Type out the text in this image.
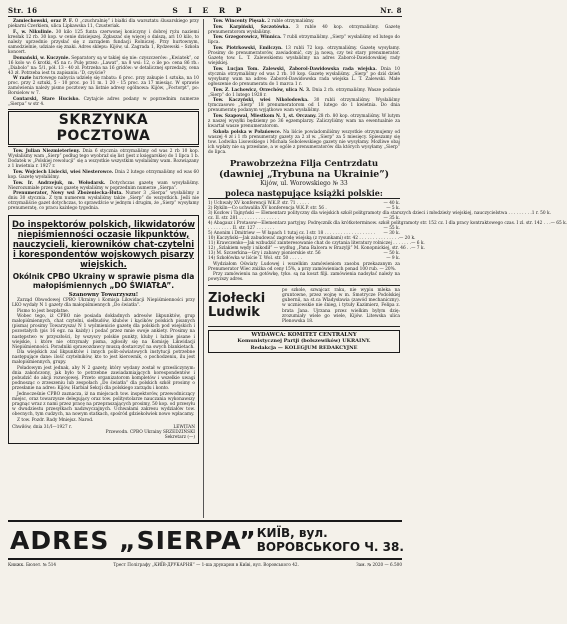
Str. 16	S I E R P	Nr. 8
Zamiechowski, oraz P. F. O „czuchralnię” i białki dla warsztatu ślusarskiego przy piekarni Czerkiem, ulica Lipkawska 11, Czusteriak.
F., w. Nikulinie. 30 kilo 125 funta czerwonej koniczyny i dobrej ryżu naziemi kresłak 12 rb. 30 kop. w cenie dzisiejszej. Zgłaszać się więcej o dalszą, ari 10 kilo, to należy uprzednio przysłać się z zarządem fundacji Rolniczej. Przy hurtownym, samodzielnie, udziale się znaki. Adres sklepu: Kijów, ul. Zagrada 1, Rydzewski – Szkoła koncert.
Domański, w. Kuczynie. Separatory są w takiej się nie: czyszczerów: „Kwiatek”, oz 16 kolo w: 6 krotki, 45 na r.: Pulę przez: „Lawat”, na 8 wsi: 12, o ile po: cena 86 rb.: „Diabolo” na: 5/1, pół. 13 - 40 zł. Potrzeba na 16 gridów: w detalicznej sprzedaży, cena 43 zł. Potrzeba iest tu zapisaniu: 'D, czyście?
W razie hurtowego nabycia udzielę się rabatu: 6 proc. przy zakupie 1 sztuka, na 10 proc. przy 2 sztuki, 5 - 10 proc. po 11 m. 1 20 - 15 proc. za 17 miesiąc. W sprawie zamówienia należy pismo pocztowy na listnie adresy ogólnowa: Kijów, „Foctorpt”, po: Borsielow w 7.
Contarski, Stare Hucisko. Czytajcie adres podany w poprzednim numerze „Sierpa” w str 4.
SKRZYNKA POCZTOWA
Tow. Julian Niezmieterieny. Dnia 6 stycznia otrzymaliśmy od was 2 rb 10 kop. Wysłaliśmy wam „Sierp” podług tego wyobraź się list (jest z księgarskie) do 1 lipca 1 b. Dodatek w „Polskiej rewolucji” się a wszystkie wszystkim wysłaliśmy wam. Rozwiązany z 1 kwietnia r. 1927 r.
Tow. Wojciech Lisiecki, wieś Niesterowce. Dnia 2 lutego otrzymaliśmy od was 60 kop. Gazetę wysłaliśmy.
Tow. Ir. Andrzejuk, m. Wołodarsk. Dotychczas gazetę wam wysyłaliśmy. Niezrozumiałe przez was gazetę wysłaliśmy w poprzednim numerze „Sierpa”.
Prenumerator, Nowy wsi Zbożeniecka-Huta. Numer 3 „Sierpa” wysłaliśmy z dniu 30 stycznia. Z tym numerem wysłaliśmy także „Sierp” do wszystkich. Jeśli nie otrzymaliście gazet dotychczas, to sprawdźcie w jednym i drugim, że „Sierp” wysyłamy prenumeratę, co pracu każdego tygodnia.
Do inspektorów polskich, likwidatorów niepiśmienności oczasie likpunktów, nauczycieli, kierowników chat-czytelni i korespondentów wojskowych pisarzy wiejskich.
Okólnik CPBO Ukrainy w sprawie pisma dla małopiśmiennych „DO ŚWIATŁA”.
Szanowny Towarzyszu!
Zarząd Obwodowej CPBO Ukrainy i Komisja Likwidacji Niepiśmienności przy LKO wydały N 1 gazety dla małopiśmiennych „Do światła”.
Pismo to jest bezpłatne.
Wobec tego, iż CPBO nie posiada dokładnych adresów likpunktów, grup małopiśmiennych, chat czytelni, siełbudów, klubów i kącików polskich pisanych (pisma) prosimy Towarzysza/ N 1 wyśmienicie gazetę dla polskich pod wiejskich i pozostałych (pis 16 egz. na każdy) i podać przez mnie swoje ankiety. Prosimy na następstwo w przyszłości, by wszyscy polskie punkty, kluby i łaźnie pisane i wiejskie, i które nie otrzymały pisma, zgłosiły się na Komisję Likwidacji Niepiśmienności. Poradniki sprawozdawcy muszą dostarczyć na swych blankietach.
Dla wiejskich zaś likpunktów i innych polit-oświatowych instytucji potrzebne następujące dane: ilość czytelników, kto to jest kierownik, o pochodzeniu, ilu jest małopiśmiennych, grupy.
Poładowym jest jednak, aby N 2 gazety, który wydany został w grzesliczynym: dnia zakończony, jak było to potrzebne zawiadamiających korespondentów i pobudzić do akcji rozwojowej. Przeto organizatorom kompletów i wszelkie uwagi podnosząc o zrzeszeniu lub zespołach „Do światła” dla polskich szkół prosimy o przesłanie na adres: Kijów, Harbiał Sekcji dla polskiego zarządu i konto.
Jednocześnie CPBO zaznacza, iż na miejscach tow. inspektorów, przewodniczący miejsc, oraz towarzysze delegujący oraz tow. politystolarze nauczania wykonawszy pragnąc wraz z nami przez pracę na przepraszających prosimy, 50 kop. od przesyłu w dwudziestu przesyłkach nadzwyczajnych. Uchwałami zakresu wydziałów tow. obecnych, tym cudzych, na nowym statkach, spośród gdziekolwiek nowo wpłacamy.
Z tow. Pozdr. Rady Mniejsz. Narod.
Chwiłów, dnia 31/I—1927 r.	LEWITAN
Przewodn. CPBO Ukrainy SRZEDZIŃSKI
Sekretarz (—)
Tow. Wincenty Pięsak. 2 ruble otrzymaliśmy.
Tow. Karpiński, Szczotówka. 3 ruble 40 kop. otrzymaliśmy. Gazetę prenumeratorom wysłaliśmy.
Tow. Grzegorowicz, Winnica. 7 rubli otrzymaliśmy. „Sierp” wysłaliśmy od lutego do lipca.
Tow. Piotrkowski, Emilczyn. 13 rubli 72 kop. otrzymaliśmy. Gazetę wysyłamy. Prosimy do prenumeratorów, zawiadomić, czy ją nową, czy też stary prenumerator. Gazetę tow. L. T. Zalewskiemu wysłaliśmy na adres Zaborol-Dawidowskiej rady wiejskiej.
Tow. Lucjan Tom. Zalewski, Zaborol-Dawidowska rada wiejska. Dnia 10 stycznia otrzymaliśmy od was 2 rb. 10 kop. Gazetę wysłaliśmy. „Sierp” po dziś dzień wysyłamy wam na adres: Zaborol-Dawidowska rada wiejska L. T. Zalewski. Małe ogłoszenie do prenumeratu do 1 marca 1 r.
Tow. Z. Lachowicz, Orzechów, ulica N. 3. Dnia 2 rb. otrzymaliśmy. Wasze podanie „Sierp” do 1 lutego 1928 r.
Tow. Kaczyński, wieś Nikolodowka. 30 rubli otrzymaliśmy. Wysłaliśmy tymczasowo „Sierp” 18 prenumeratorom od 1 lutego do 1 kwietnia. Do dnia prenumeratę podanym wyjątkowo wam wysłaliśmy.
Tow. Szapowal, Miestkom N. 1, st. Orczany. 28 rb. 80 kop. otrzymaliśmy. W lutym z naszej wysyłki będziemy po 36 egzemplarzy. Zaliczyliśmy wam na ewentualnie za kwartał wasze prenumeratorom.
Szkoła polska w Połańowce. Na liście powiadomiliśmy wszystkie otrzymujemy od waszej 4 zł i 1 rb prenumeraty gazety za 2 zł w. „Sierp” za 5 miesięcy. Spieszamy się tow. Lodwika Lisowskiego i Michała Sobolewskiego gazety nie wysyłamy. Możliwe obaj ich wpłaty nie są przesłane, a w ogóle z prenumeratorów dla których wysyłamy „Sierp” do lipca.
Prawobrzeżna Filja Centrzdatu
(dawniej „Trybuna na Ukrainie”)
Kijów, ul. Worowskiego № 33
poleca następujące książki polskie:
1) Uchwały XV konferencji W.K.P. str. 71 . . . . .	— 40 k.
2) Rykiln—Co uchwaliła XV konferencja W.K.P. str. 56 .	— 5 k.
3) Kozłow i Tajnyński — Elementarz polityczny dla wiejskich szkół politgramoty dla starszych dzieci i młodzieży wiejskiej, nauczycielstwa . . . . . . . . . 1 r. 50 k.
cz. II. str. 281 . . . . . . . . . . . . . . .	— 35 k.
4) Abagauz i Protasow—Elementarz partyjny. Podręcznik dla krótkoterminow. szkół politgramoty str. 152 cz. I dla pracy kontraktowego czas. I zl. str. 142 . . . — 65 k.
. . . . . . . . . II. str. 127 . . . . . . .	— 55 k.
5) Anonim i Dmitriew — W łapach 1 tutaj cz. I str. 18 . . . . . . . . . . . . . . . . . . .	— 30 k.
10) Kaczyński—Jak zabudować zagrodę wiejską (z rysunkami) str. 42 . . . . . . . . . . . . . . . — 20 k.
11) Krawczenko—Jak wzbudzić zainteresowanie chat do czytania literatury rolniczej . . . . . . . — 6 k.
12) „Szlakiem wędy i nikodił” — wydług „Pana Balcera w Brazylji” M. Konopnickiej, str. 46 . . — 7 k.
13) M. Szczerkina—Gry i zabawy pionierskie str. 56	— 50 k.
14) Szkołówka w liście T. Wol. str. 50 . . . . .	— 9 k.
Wydziałom Oświaty Ludowej i wszelkim zamówieniom zasobu przekazanym za Prenumerator Wiec zniżka od ceny 15%, a przy zamówieniach ponad 100 rub. — 20%.
Przy zamówieniu na gotówkę, tyko. są na koszt filji. zamówienia nadsyłać należy na powyższy adres.
Ziołecki Ludwik
po szkole, szwajcar. raku, nie wypiu mleka na gruntowne, przez wojnę w m. Smotrycze Podolskiej gubernii, na st.ca Wladysławia (zawód mechaniczny). w uczniowskie nie śnieg, i tytuły Kazimierz, Felipa z. brata Jana. Ujrzana przez wielkim byłym dzię: zrozumiały wiele go wiele, Kijów. Litewska ulica Plenowska 18.
WYDAWCA: KOMITET CENTRALNY
Komunistycznej Partji (bolszewików) UKRAINY.
Redakcja — KOLEGJUM REDAKCYJNE
ADRES „SIERPA” КИЇВ, вул.
ВОРОВСЬКОГО Ч. 38.
Книжк. Бюлет. № 514	Трест Поліграфу „КИЇВ-ДРУКАРНЯ“ — 1-ша друкарня в Київі, вул. Воровського 42.	Зам. № 2020 — 6.500
